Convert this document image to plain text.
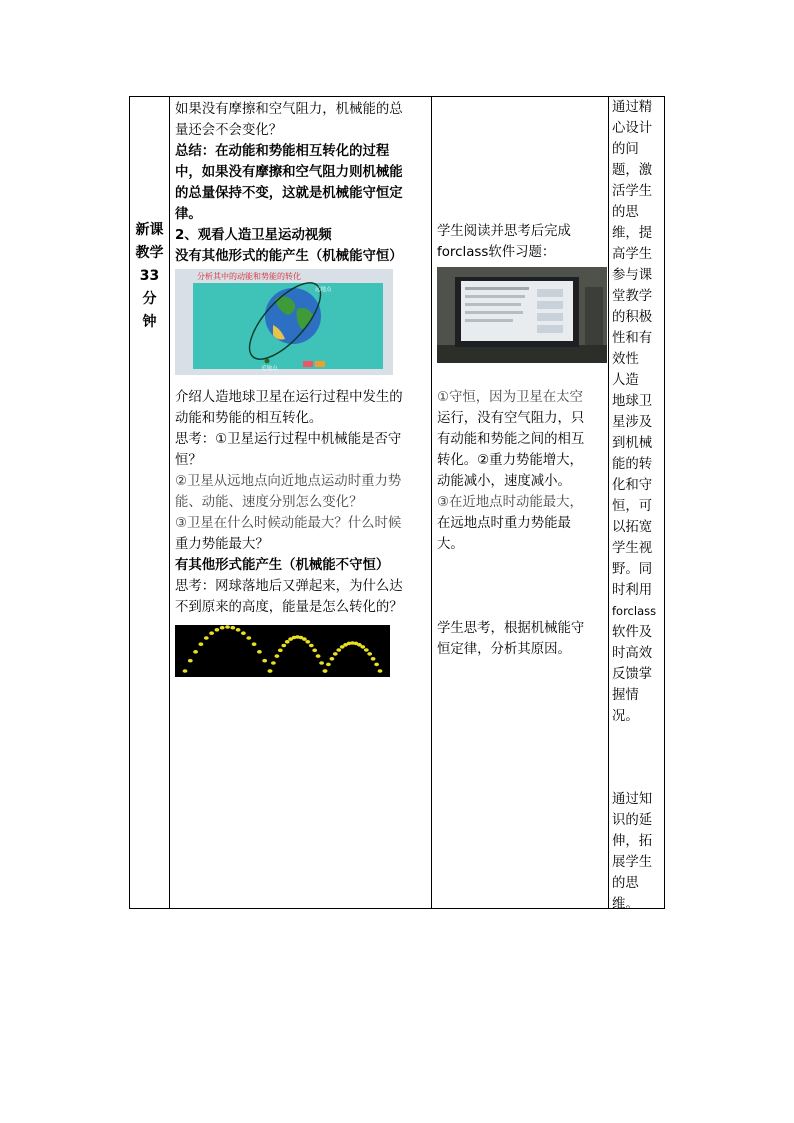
新课
教学
33
分
钟

如果没有摩擦和空气阻力，机械能的总

量还会不会变化？

总结：在动能和势能相互转化的过程

中，如果没有摩擦和空气阻力则机械能

的总量保持不变，这就是机械能守恒定

律。

2、观看人造卫星运动视频

没有其他形式的能产生（机械能守恒）

分析其中的动能和势能的转化
远地点
近地点

介绍人造地球卫星在运行过程中发生的

动能和势能的相互转化。

思考：①卫星运行过程中机械能是否守

恒？

②卫星从远地点向近地点运动时重力势

能、动能、速度分别怎么变化？

③卫星在什么时候动能最大？什么时候

重力势能最大？

有其他形式能产生（机械能不守恒）

思考：网球落地后又弹起来，为什么达

不到原来的高度，能量是怎么转化的？

学生阅读并思考后完成

forclass软件习题：

①守恒，因为卫星在太空

运行，没有空气阻力，只

有动能和势能之间的相互

转化。②重力势能增大，

动能减小，速度减小。

③在近地点时动能最大，

在远地点时重力势能最

大。

学生思考，根据机械能守

恒定律，分析其原因。

通过精

心设计

的问

题，激

活学生

的思

维，提

高学生

参与课

堂教学

的积极

性和有

效性

人造

地球卫

星涉及

到机械

能的转

化和守

恒，可

以拓宽

学生视

野。同

时利用

forclass

软件及

时高效

反馈掌

握情

况。

通过知

识的延

伸，拓

展学生

的思

维。
